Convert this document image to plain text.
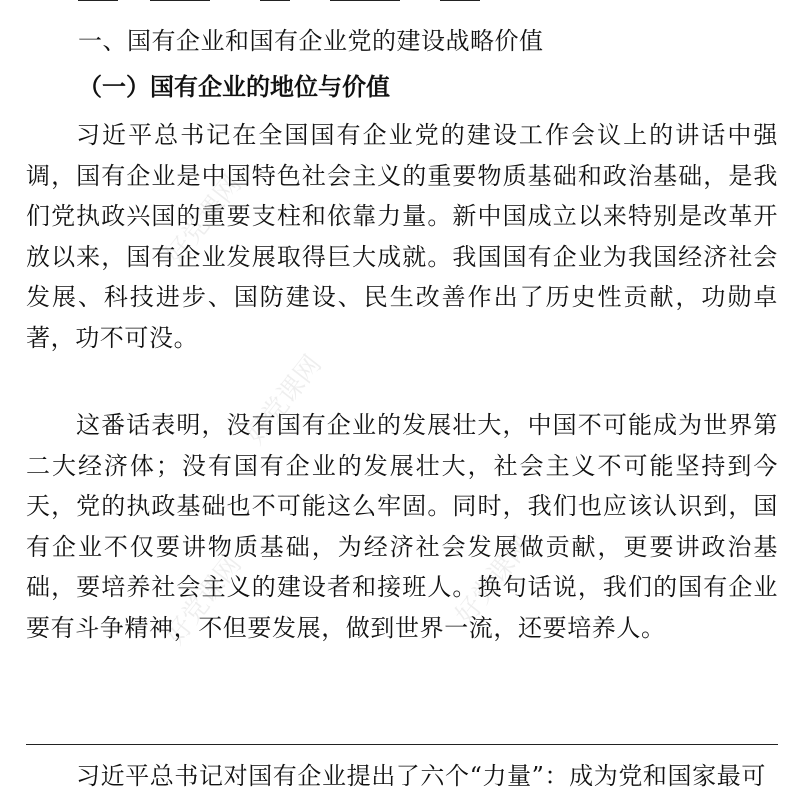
好党课网
好党课网
好党课网	好党课网
一、国有企业和国有企业党的建设战略价值
（一）国有企业的地位与价值

习近平总书记在全国国有企业党的建设工作会议上的讲话中强调，国有企业是中国特色社会主义的重要物质基础和政治基础，是我们党执政兴国的重要支柱和依靠力量。新中国成立以来特别是改革开放以来，国有企业发展取得巨大成就。我国国有企业为我国经济社会发展、科技进步、国防建设、民生改善作出了历史性贡献，功勋卓著，功不可没。

这番话表明，没有国有企业的发展壮大，中国不可能成为世界第二大经济体；没有国有企业的发展壮大，社会主义不可能坚持到今天，党的执政基础也不可能这么牢固。同时，我们也应该认识到，国有企业不仅要讲物质基础，为经济社会发展做贡献，更要讲政治基础，要培养社会主义的建设者和接班人。换句话说，我们的国有企业要有斗争精神，不但要发展，做到世界一流，还要培养人。

习近平总书记对国有企业提出了六个“力量”：成为党和国家最可
